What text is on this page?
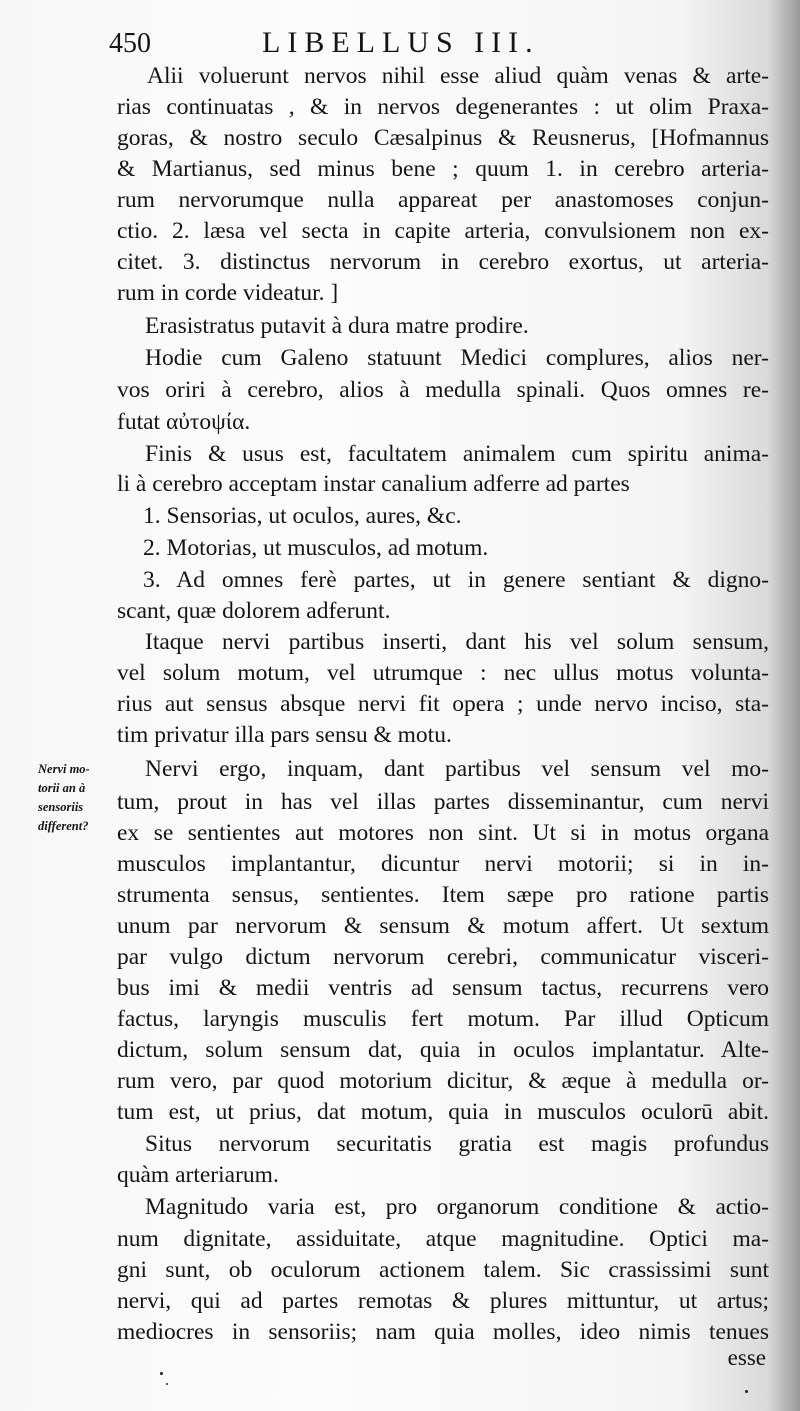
450	LIBELLUS III.
Nervi mo-
torii an à
sensoriis
different?
Alii voluerunt nervos nihil esse aliud quàm venas & arte-
rias continuatas , & in nervos degenerantes : ut olim Praxa-
goras, & nostro seculo Cæsalpinus & Reusnerus, [Hofmannus
& Martianus, sed minus bene ; quum 1. in cerebro arteria-
rum nervorumque nulla appareat per anastomoses conjun-
ctio. 2. læsa vel secta in capite arteria, convulsionem non ex-
citet. 3. distinctus nervorum in cerebro exortus, ut arteria-
rum in corde videatur. ]
Erasistratus putavit à dura matre prodire.
Hodie cum Galeno statuunt Medici complures, alios ner-
vos oriri à cerebro, alios à medulla spinali. Quos omnes re-
futat αὐτοψία.
Finis & usus est, facultatem animalem cum spiritu anima-
li à cerebro acceptam instar canalium adferre ad partes
1. Sensorias, ut oculos, aures, &c.
2. Motorias, ut musculos, ad motum.
3. Ad omnes ferè partes, ut in genere sentiant & digno-
scant, quæ dolorem adferunt.
Itaque nervi partibus inserti, dant his vel solum sensum,
vel solum motum, vel utrumque : nec ullus motus volunta-
rius aut sensus absque nervi fit opera ; unde nervo inciso, sta-
tim privatur illa pars sensu & motu.
Nervi ergo, inquam, dant partibus vel sensum vel mo-
tum, prout in has vel illas partes disseminantur, cum nervi
ex se sentientes aut motores non sint. Ut si in motus organa
musculos implantantur, dicuntur nervi motorii; si in in-
strumenta sensus, sentientes. Item sæpe pro ratione partis
unum par nervorum & sensum & motum affert. Ut sextum
par vulgo dictum nervorum cerebri, communicatur visceri-
bus imi & medii ventris ad sensum tactus, recurrens vero
factus, laryngis musculis fert motum. Par illud Opticum
dictum, solum sensum dat, quia in oculos implantatur. Alte-
rum vero, par quod motorium dicitur, & æque à medulla or-
tum est, ut prius, dat motum, quia in musculos oculorū abit.
Situs nervorum securitatis gratia est magis profundus
quàm arteriarum.
Magnitudo varia est, pro organorum conditione & actio-
num dignitate, assiduitate, atque magnitudine. Optici ma-
gni sunt, ob oculorum actionem talem. Sic crassissimi sunt
nervi, qui ad partes remotas & plures mittuntur, ut artus;
mediocres in sensoriis; nam quia molles, ideo nimis tenues
esse
